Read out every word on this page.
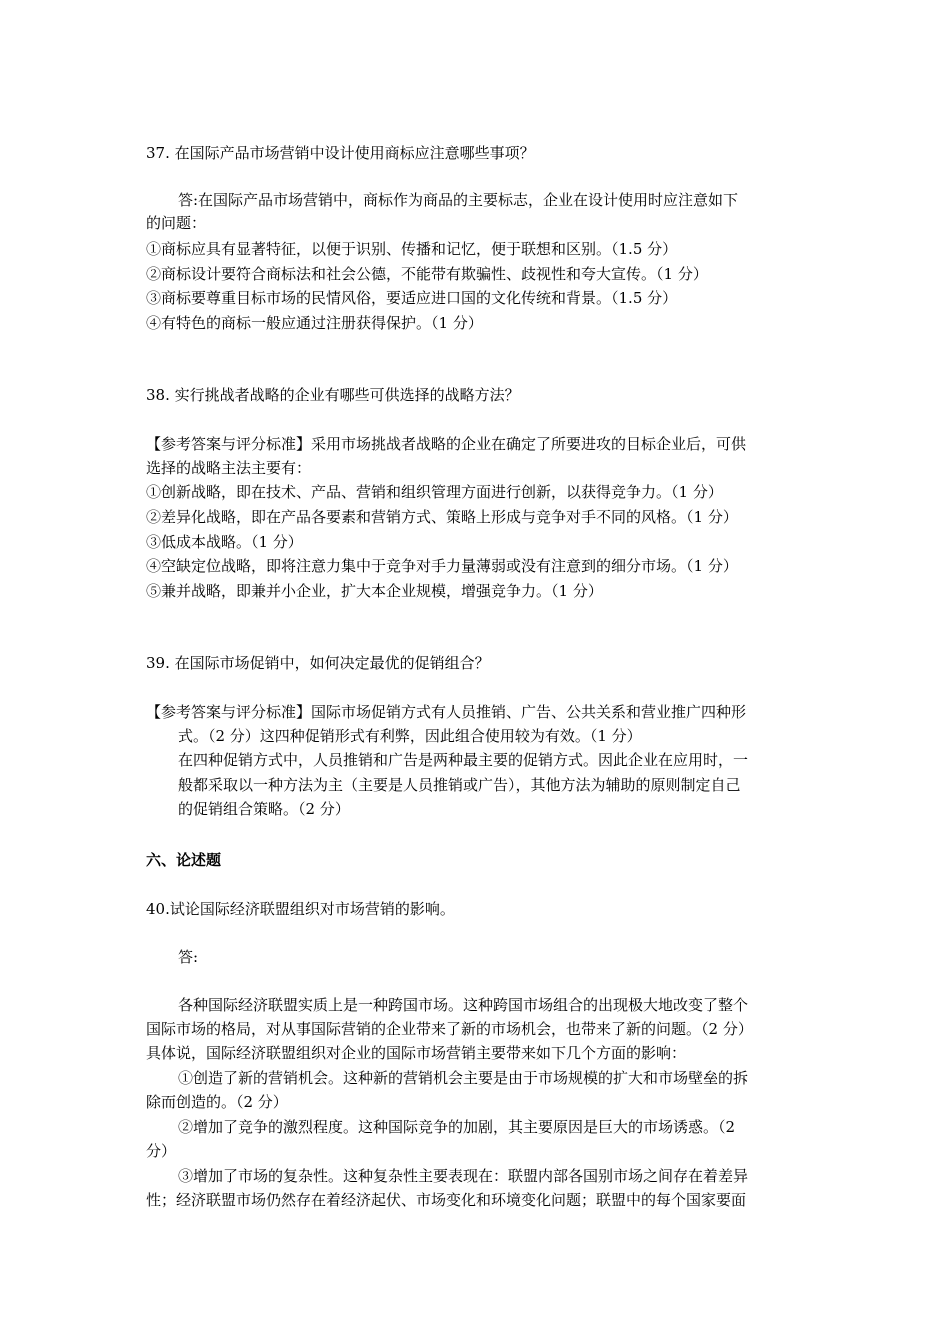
37. 在国际产品市场营销中设计使用商标应注意哪些事项？
答:在国际产品市场营销中，商标作为商品的主要标志，企业在设计使用时应注意如下
的问题：
①商标应具有显著特征，以便于识别、传播和记忆，便于联想和区别。（1.5 分）
②商标设计要符合商标法和社会公德，不能带有欺骗性、歧视性和夸大宣传。（1 分）
③商标要尊重目标市场的民情风俗，要适应进口国的文化传统和背景。（1.5 分）
④有特色的商标一般应通过注册获得保护。（1 分）
38. 实行挑战者战略的企业有哪些可供选择的战略方法？
【参考答案与评分标准】采用市场挑战者战略的企业在确定了所要进攻的目标企业后，可供
选择的战略主法主要有：
①创新战略，即在技术、产品、营销和组织管理方面进行创新，以获得竞争力。（1 分）
②差异化战略，即在产品各要素和营销方式、策略上形成与竞争对手不同的风格。（1 分）
③低成本战略。（1 分）
④空缺定位战略，即将注意力集中于竞争对手力量薄弱或没有注意到的细分市场。（1 分）
⑤兼并战略，即兼并小企业，扩大本企业规模，增强竞争力。（1 分）
39. 在国际市场促销中，如何决定最优的促销组合？
【参考答案与评分标准】国际市场促销方式有人员推销、广告、公共关系和营业推广四种形
式。（2 分）这四种促销形式有利弊，因此组合使用较为有效。（1 分）
在四种促销方式中，人员推销和广告是两种最主要的促销方式。因此企业在应用时，一
般都采取以一种方法为主（主要是人员推销或广告），其他方法为辅助的原则制定自己
的促销组合策略。（2 分）
六、论述题
40.试论国际经济联盟组织对市场营销的影响。
答:
各种国际经济联盟实质上是一种跨国市场。这种跨国市场组合的出现极大地改变了整个
国际市场的格局，对从事国际营销的企业带来了新的市场机会，也带来了新的问题。（2 分）
具体说，国际经济联盟组织对企业的国际市场营销主要带来如下几个方面的影响：
①创造了新的营销机会。这种新的营销机会主要是由于市场规模的扩大和市场壁垒的拆
除而创造的。（2 分）
②增加了竞争的激烈程度。这种国际竞争的加剧，其主要原因是巨大的市场诱惑。（2
分）
③增加了市场的复杂性。这种复杂性主要表现在：联盟内部各国别市场之间存在着差异
性；经济联盟市场仍然存在着经济起伏、市场变化和环境变化问题；联盟中的每个国家要面
